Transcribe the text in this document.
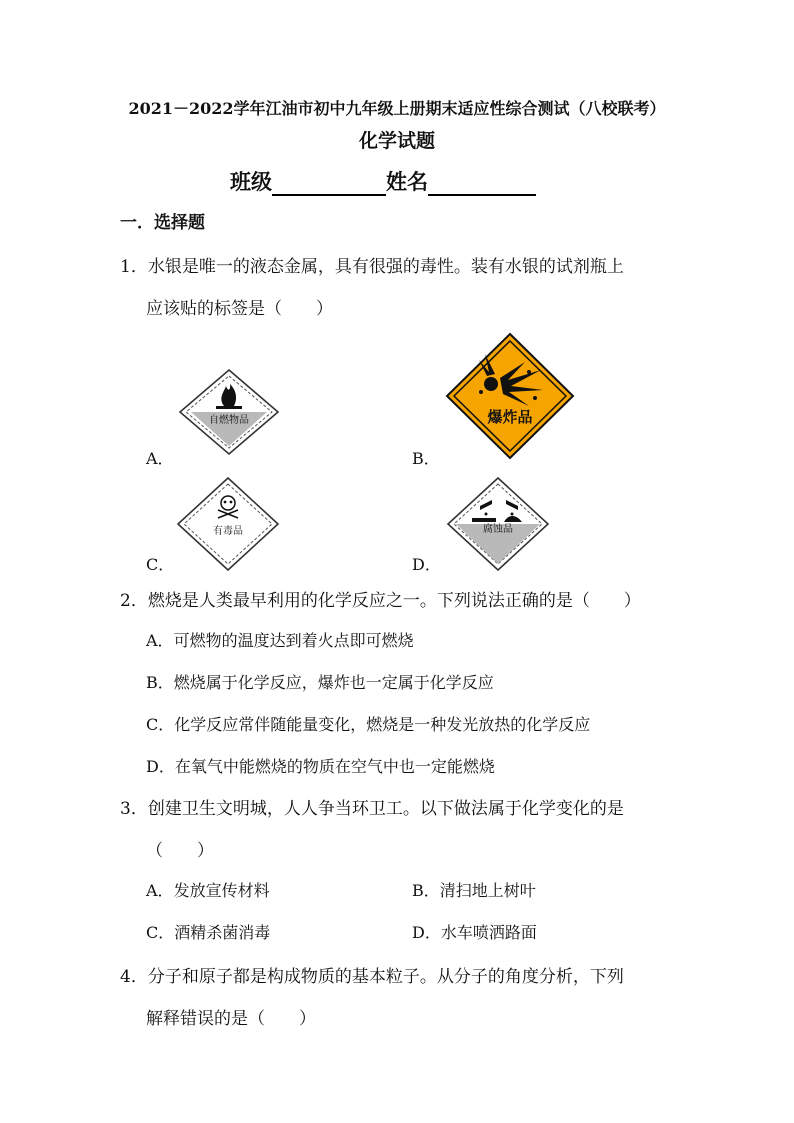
2021－2022学年江油市初中九年级上册期末适应性综合测试（八校联考）
化学试题
班级	姓名
一．选择题
1．水银是唯一的液态金属，具有很强的毒性。装有水银的试剂瓶上
应该贴的标签是（　　）
A．
自燃物品
B．
爆炸品
C．
有毒品
D．
腐蚀品
2．燃烧是人类最早利用的化学反应之一。下列说法正确的是（　　）
A．可燃物的温度达到着火点即可燃烧
B．燃烧属于化学反应，爆炸也一定属于化学反应
C．化学反应常伴随能量变化，燃烧是一种发光放热的化学反应
D．在氧气中能燃烧的物质在空气中也一定能燃烧
3．创建卫生文明城，人人争当环卫工。以下做法属于化学变化的是
（　　）
A．发放宣传材料	B．清扫地上树叶
C．酒精杀菌消毒	D．水车喷洒路面
4．分子和原子都是构成物质的基本粒子。从分子的角度分析，下列
解释错误的是（　　）
